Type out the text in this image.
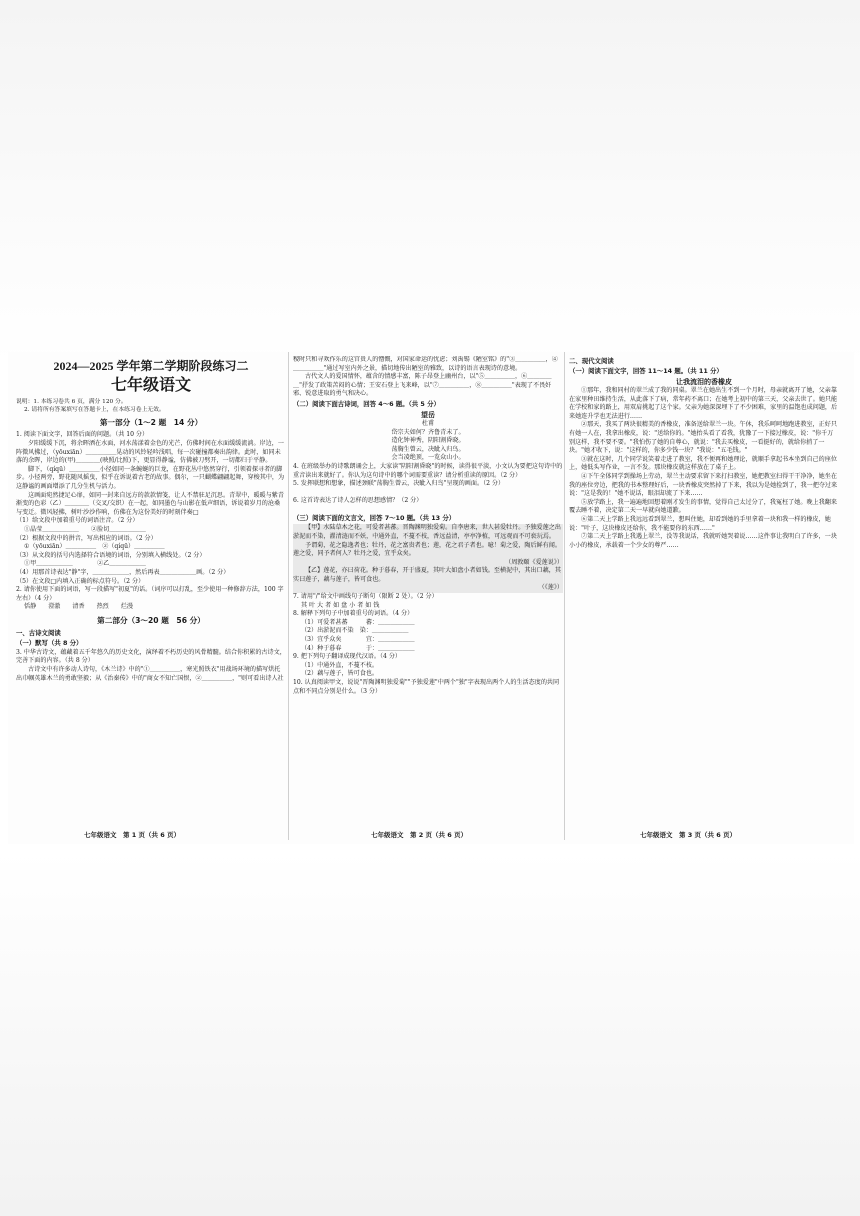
2024—2025 学年第二学期阶段练习二
七年级语文

说明：1. 本练习卷共 6 页，满分 120 分。

2. 请将所有答案填写在答题卡上，在本练习卷上无效。

第一部分（1～2 题　14 分）

1. 阅读下面文字，回答后面的问题。（共 10 分）

夕阳缓缓下沉，将余晖洒在水面，河水荡漾着金色的光芒，仿佛时间在水面缓缓流淌。岸边，一阵微风拂过，（yōuxiān）＿＿＿＿＿晃动的风铃轻吟浅唱，每一次碰撞都奏出韵律。此时，如同未落的余晖，岸边的(甲)＿＿＿＿(映照/比照)下，更显得静谧，仿佛被刀劈开，一切都归于平静。

脚下，（qíqū）＿＿＿＿＿小径如同一条蜿蜒的巨龙，在野花丛中悠然穿行，引领着探寻者的脚步。小径两旁，野花随风摇曳，似乎在诉说着古老的故事。偶尔，一只蝴蝶翩翩起舞，穿梭其中，为这静谧的画面增添了几分生机与活力。

这画面宛然捷足心扉，如同一封来自远方的款款情笺，让人不禁驻足沉思。青翠中，暖暖与紫青渐变的色彩（乙）＿＿＿＿（交叉/交织）在一起，如同墨色与山影在低声细语，诉说着岁月的沧桑与变迁。微风轻拂，树叶沙沙作响，仿佛在为这份美好的时刻伴奏□

（1）给文段中加着重号的词语注音。（2 分）

①晶莹＿＿＿＿＿＿　　②脸切＿＿＿＿＿＿

（2）根据文段中的拼音，写出相应的词语。（2 分）

①（yōuxiān）＿＿＿＿＿　②（qíqū）＿＿＿＿＿

（3）从文段的括号内选择符合语境的词语，分别填入横线处。（2 分）

①甲＿＿＿＿＿＿　　　　②乙＿＿＿＿＿＿

（4）用那首诗表达"静"字，＿＿＿＿＿＿，然后再表＿＿＿＿＿＿画。（2 分）

（5）在文段□内填入正确的标点符号。（2 分）

2. 请你使用下面的词语，写一段描写"初夏"的话。（词序可以打乱，至少使用一种修辞方法，100 字左右）（4 分）

恬静 澄澈 清香 热烈 烂漫
第二部分（3～20 题　56 分）
一、古诗文阅读
（一）默写（共 8 分）

3. 中华古诗文，蕴藏着五千年悠久的历史文化，演绎着不朽历史的风骨精髓。结合你积累的古诗文，完善下面的内容。（共 8 分）

古诗文中有许多动人诗句，《木兰诗》中的"①＿＿＿＿＿，寒光照铁衣"用战场环境的描写烘托出巾帼英雄木兰的勇敢坚毅；从《治秦传》中的"商女不知亡国恨，②＿＿＿＿＿，"则可看出诗人社

稷时只和寻欢作乐的这宫贵人的憎慨，对国家命运的忧虑；刘禹锡《陋室铭》的"③＿＿＿＿＿，④＿＿＿＿＿"通过写室内外之景，描切地传出陋室的雅致，以诗的语言表现诗的意境。

古代文人的爱国情怀，蕴含的情感丰富，陈子昂登上幽州台，以"⑤＿＿＿＿＿，⑥＿＿＿＿＿"抒发了政策苦闷的心情；王安石登上飞来峰，以"⑦＿＿＿＿＿，⑧＿＿＿＿＿"表现了不畏奸邪、锐意进取的勇气和决心。

（二）阅读下面古诗词，回答 4～6 题。（共 5 分）
望岳
杜甫
岱宗夫如何？齐鲁青未了。
造化钟神秀，阴阳割昏晓。
荡胸生曾云，决眦入归鸟。
会当凌绝顶，一览众山小。

4. 在班级举办的诗歌朗诵会上，大家读"阴阳割昏晓"的时候，读得很平淡，小文认为要把这句诗中的重音读出来就好了。你认为这句诗中的哪个词需要重读？请分析重读的原因。（2 分）

5. 发挥联想和想象，描述颈联"荡胸生曾云，决眦入归鸟"呈现的画面。（2 分）

6. 这首诗表达了诗人怎样的思想感情？（2 分）

（三）阅读下面的文言文，回答 7～10 题。（共 13 分）

【甲】水陆草木之花，可爱者甚蕃。晋陶渊明独爱菊。自李唐来，世人甚爱牡丹。予独爱莲之出淤泥而不染，濯清涟而不妖，中通外直，不蔓不枝，香远益清，亭亭净植，可远观而不可亵玩焉。

予谓菊，花之隐逸者也；牡丹，花之富贵者也；莲，花之君子者也。噫！菊之爱，陶后鲜有闻。莲之爱，同予者何人？牡丹之爱，宜乎众矣。

（周敦颐《爱莲说》）

【乙】莲花，亦曰荷花。种于暮春，开于盛夏，其叶大如盘小者如钱。至横泥中，其出口藕，其实曰莲子，藕与莲子，皆可食也。

（《莲》）

7. 请用"/"给文中画线句子断句（限断 2 处）。（2 分）

其 叶 大 者 如 盘 小 者 如 钱

8. 解释下列句子中加着重号的词语。（4 分）

（1）可爱者甚蕃　　　蕃：＿＿＿＿＿＿

（2）出淤泥而不染　染：＿＿＿＿＿＿

（3）宜乎众矣　　　　宜：＿＿＿＿＿＿

（4）种于暮春　　　　于：＿＿＿＿＿＿

9. 把下列句子翻译成现代汉语。（4 分）

（1）中通外直，不蔓不枝。

（2）藕与莲子，皆可食也。

10. 认真阅读甲文，说说"晋陶渊明独爱菊""予独爱莲"中两个"独"字表现出两个人的生活态度的共同点和不同点分别是什么。（3 分）

二、现代文阅读
（一）阅读下面文字，回答 11～14 题。（共 11 分）
让我流泪的香橡皮

①那年，我和同村的翠兰成了我的同桌。翠兰在她出生不到一个月时，母亲就离开了她，父亲靠在家里种田维持生活，从此落下了病，常年药不离口；在她考上初中的第三天，父亲去世了。她只能在学校和家的路上，用双肩挑起了这个家。父亲为她深深埋下了不少困难，家里的温饱也成问题，后来她连升学也无法进行……

②那天，我买了两块很精美的香橡皮，准备送给翠兰一块。午休，我乐呵呵地跑进教室，正好只有她一人在，我拿出橡皮，说："送给你的。"她抬头看了看我，犹豫了一下接过橡皮，说："你千万别这样，我不要不要。"我怕伤了她的自尊心，就说："我去买橡皮，一看挺好的，就给你捎了一块。"她才收下，说："这样的，你多少钱一块？"我说："五毛钱。"

③就在这时，几个同学说笑着走进了教室，我不便再和她理论，就顺手拿起书本坐到自己的座位上，她低头写作业，一言不发。那块橡皮就这样放在了桌子上。

④下午全体同学到操场上劳动，翠兰主动要求留下来打扫教室，她把教室扫得干干净净，她坐在我的座位旁边，把我的书本整理好后，一块香橡皮突然掉了下来，我以为是她捡到了，我一把夺过来说："这是我的！"她不说话，眼泪却流了下来……

⑤放学路上，我一遍遍地回想着刚才发生的事情，觉得自己太过分了，我冤枉了她。晚上我翻来覆去睡不着，决定第二天一早就向她道歉。

⑥第二天上学路上我远远看到翠兰，想叫住她，却看到她的手里拿着一块和我一样的橡皮，她说："叶子，这块橡皮还给你，我不能要你的东西……"

⑦第二天上学路上我遇上翠兰，没等我说话，我就听她哭着说……这件事让我明白了许多，一块小小的橡皮，承载着一个少女的尊严……

七年级语文　第 1 页（共 6 页）	七年级语文　第 2 页（共 6 页）	七年级语文　第 3 页（共 6 页）
